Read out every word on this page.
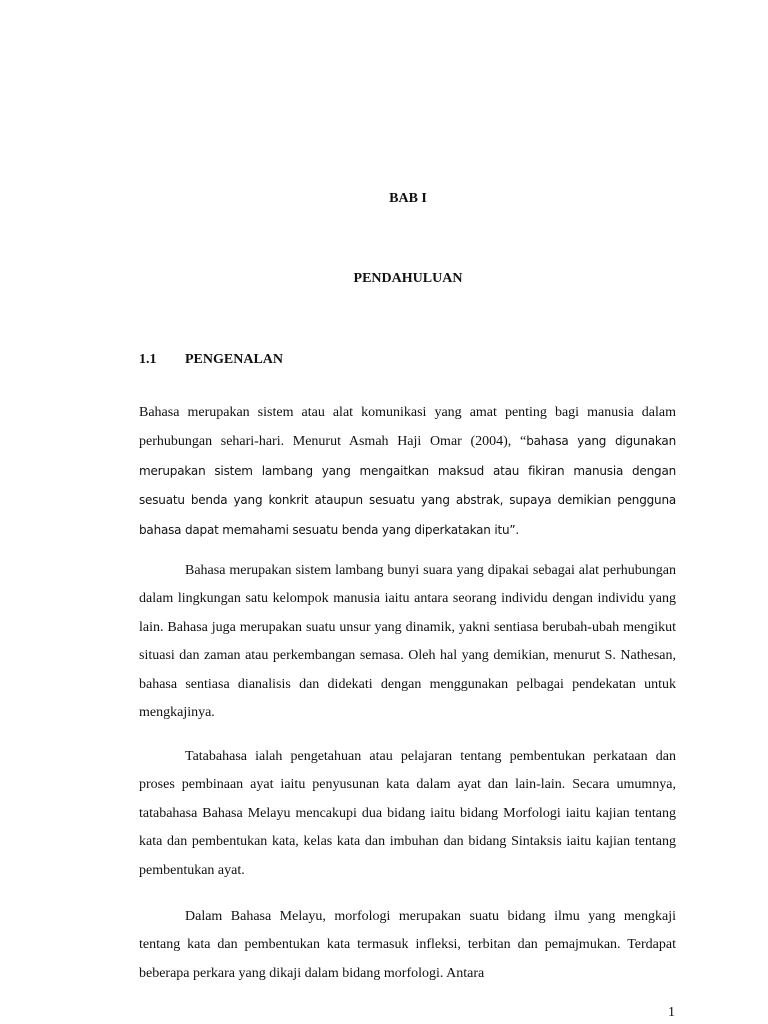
BAB I
PENDAHULUAN
1.1 PENGENALAN

Bahasa merupakan sistem atau alat komunikasi yang amat penting bagi manusia dalam perhubungan sehari-hari. Menurut Asmah Haji Omar (2004), “bahasa yang digunakan merupakan sistem lambang yang mengaitkan maksud atau fikiran manusia dengan sesuatu benda yang konkrit ataupun sesuatu yang abstrak, supaya demikian pengguna bahasa dapat memahami sesuatu benda yang diperkatakan itu”.

Bahasa merupakan sistem lambang bunyi suara yang dipakai sebagai alat perhubungan dalam lingkungan satu kelompok manusia iaitu antara seorang individu dengan individu yang lain. Bahasa juga merupakan suatu unsur yang dinamik, yakni sentiasa berubah-ubah mengikut situasi dan zaman atau perkembangan semasa. Oleh hal yang demikian, menurut S. Nathesan, bahasa sentiasa dianalisis dan didekati dengan menggunakan pelbagai pendekatan untuk mengkajinya.

Tatabahasa ialah pengetahuan atau pelajaran tentang pembentukan perkataan dan proses pembinaan ayat iaitu penyusunan kata dalam ayat dan lain-lain. Secara umumnya, tatabahasa Bahasa Melayu mencakupi dua bidang iaitu bidang Morfologi iaitu kajian tentang kata dan pembentukan kata, kelas kata dan imbuhan dan bidang Sintaksis iaitu kajian tentang pembentukan ayat.

Dalam Bahasa Melayu, morfologi merupakan suatu bidang ilmu yang mengkaji tentang kata dan pembentukan kata termasuk infleksi, terbitan dan pemajmukan. Terdapat beberapa perkara yang dikaji dalam bidang morfologi. Antara

1
